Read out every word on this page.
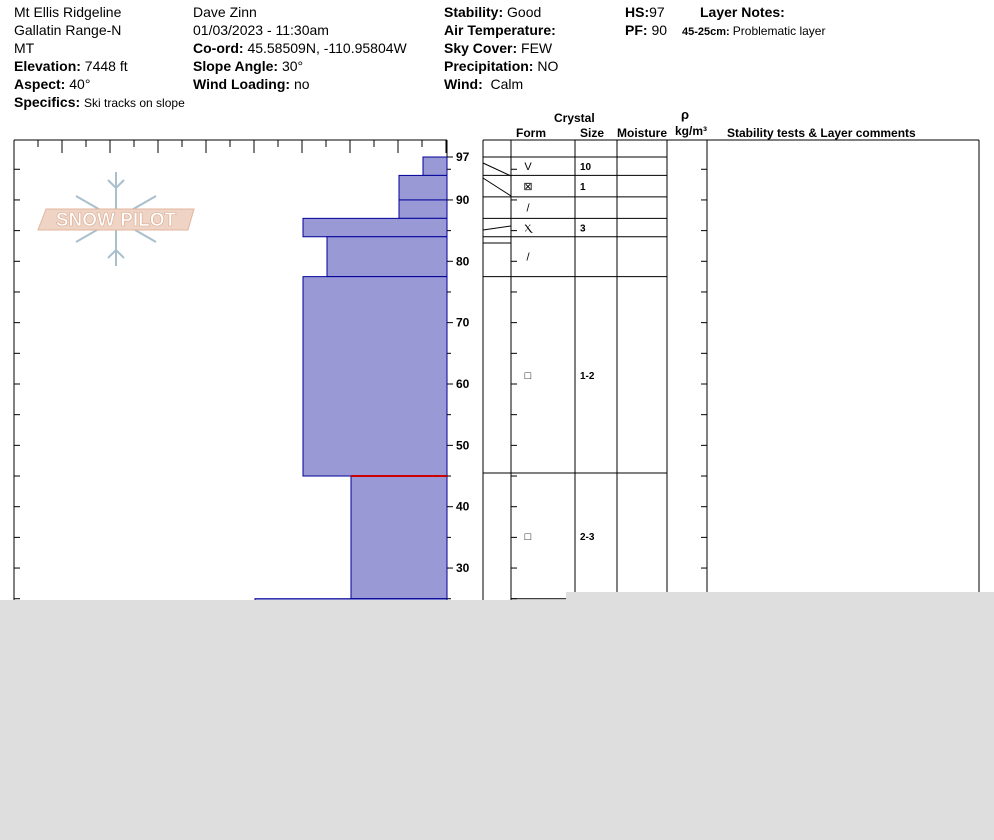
Mt Ellis Ridgeline
Gallatin Range-N
MT
Elevation: 7448 ft
Aspect: 40°
Specifics: Ski tracks on slope
Dave Zinn
01/03/2023 - 11:30am
Co-ord: 45.58509N, -110.95804W
Slope Angle: 30°
Wind Loading: no
Stability: Good
Air Temperature:
Sky Cover: FEW
Precipitation: NO
Wind: Calm
HS:97
PF: 90
Layer Notes:
45-25cm: Problematic layer
Crystal
Form	Size Moisture
ρ
kg/m³ Stability tests & Layer comments
SNOW PILOT
97
90
80
70
60
50
40
30
V	10
⊠	1
/
Ⲭ	3
/
□	1-2
□	2-3
